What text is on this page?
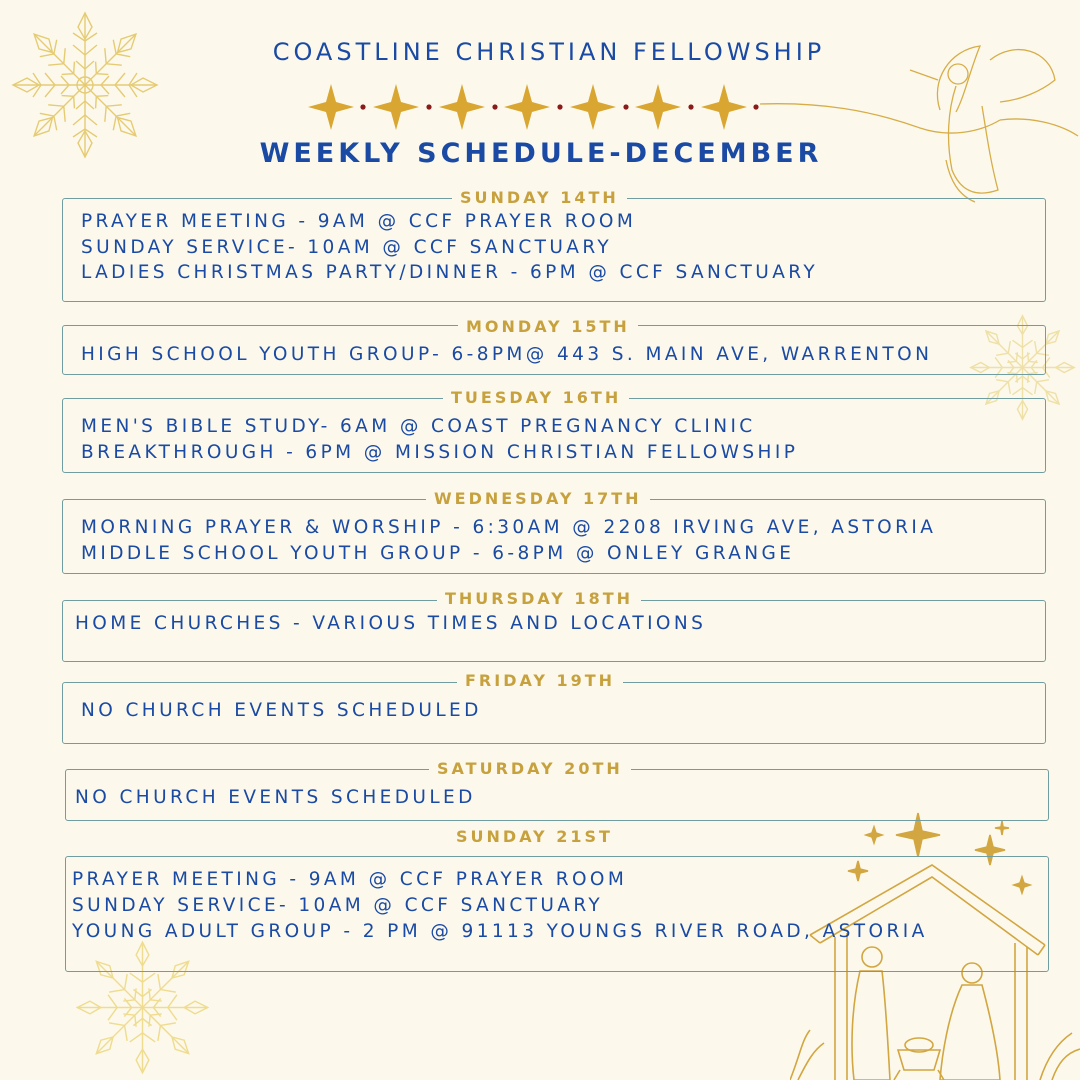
COASTLINE CHRISTIAN FELLOWSHIP
WEEKLY SCHEDULE-DECEMBER
SUNDAY 14TH
PRAYER MEETING - 9AM @ CCF PRAYER ROOM
SUNDAY SERVICE- 10AM @ CCF SANCTUARY
LADIES CHRISTMAS PARTY/DINNER - 6PM @ CCF SANCTUARY
MONDAY 15TH
HIGH SCHOOL YOUTH GROUP- 6-8PM@ 443 S. MAIN AVE, WARRENTON
TUESDAY 16TH
MEN'S BIBLE STUDY- 6AM @ COAST PREGNANCY CLINIC
BREAKTHROUGH - 6PM @ MISSION CHRISTIAN FELLOWSHIP
WEDNESDAY 17TH
MORNING PRAYER & WORSHIP - 6:30AM @ 2208 IRVING AVE, ASTORIA
MIDDLE SCHOOL YOUTH GROUP - 6-8PM @ ONLEY GRANGE
THURSDAY 18TH
HOME CHURCHES - VARIOUS TIMES AND LOCATIONS
FRIDAY 19TH
NO CHURCH EVENTS SCHEDULED
SATURDAY 20TH
NO CHURCH EVENTS SCHEDULED
SUNDAY 21ST
PRAYER MEETING - 9AM @ CCF PRAYER ROOM
SUNDAY SERVICE- 10AM @ CCF SANCTUARY
YOUNG ADULT GROUP - 2 PM @ 91113 YOUNGS RIVER ROAD, ASTORIA
